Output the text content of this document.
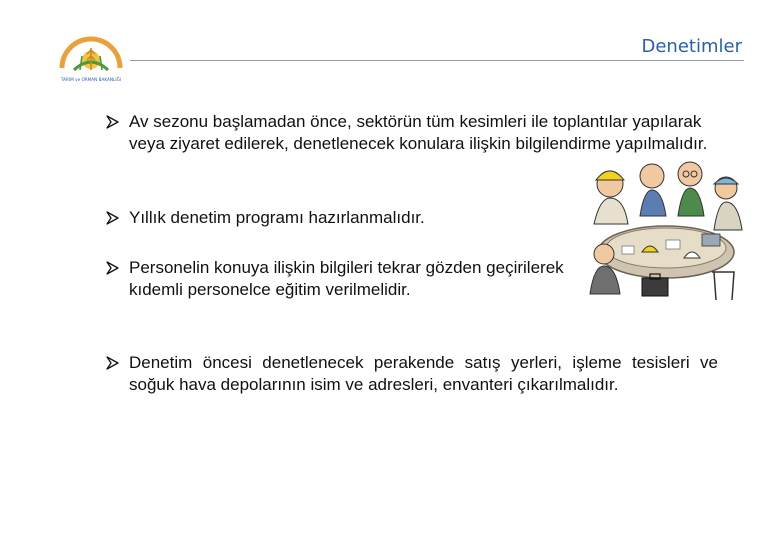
TARIM ve ORMAN BAKANLIĞI
Denetimler
Av sezonu başlamadan önce, sektörün tüm kesimleri ile toplantılar yapılarak veya ziyaret edilerek, denetlenecek konulara ilişkin bilgilendirme yapılmalıdır.
Yıllık denetim programı hazırlanmalıdır.
Personelin konuya ilişkin bilgileri tekrar gözden geçirilerek kıdemli personelce eğitim verilmelidir.
Denetim öncesi denetlenecek perakende satış yerleri, işleme tesisleri ve soğuk hava depolarının isim ve adresleri, envanteri çıkarılmalıdır.
